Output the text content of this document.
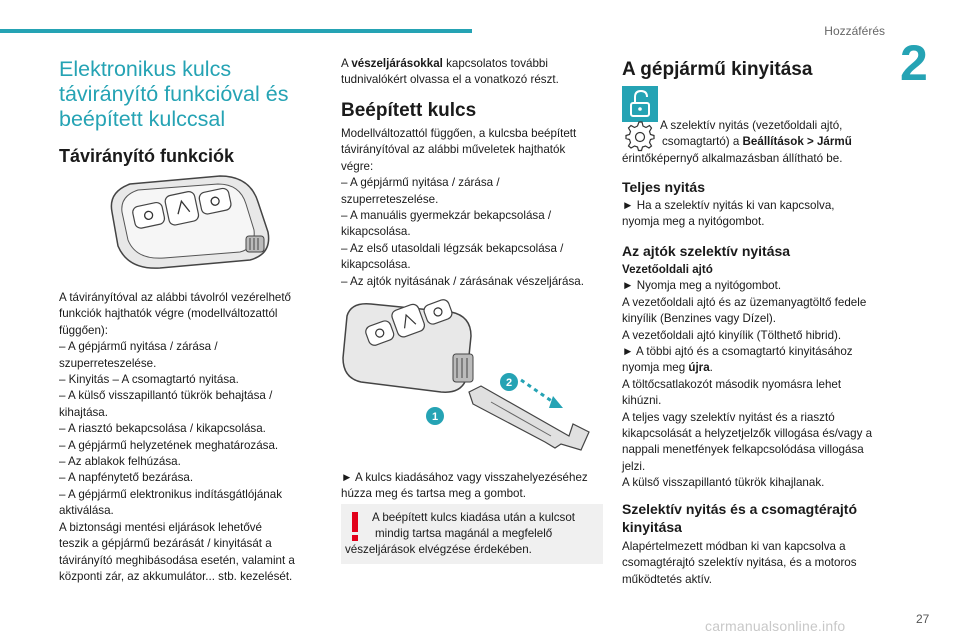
Hozzáférés
2
27
carmanualsonline.info
Elektronikus kulcs
távirányító funkcióval és
beépített kulccsal
Távirányító funkciók
A távirányítóval az alábbi távolról vezérelhető
funkciók hajthatók végre (modellváltozattól
függően):
– A gépjármű nyitása / zárása /
szuperreteszelése.
– Kinyitás – A csomagtartó nyitása.
– A külső visszapillantó tükrök behajtása /
kihajtása.
– A riasztó bekapcsolása / kikapcsolása.
– A gépjármű helyzetének meghatározása.
– Az ablakok felhúzása.
– A napfénytető bezárása.
– A gépjármű elektronikus indításgátlójának
aktiválása.
A biztonsági mentési eljárások lehetővé
teszik a gépjármű bezárását / kinyitását a
távirányító meghibásodása esetén, valamint a
központi zár, az akkumulátor... stb. kezelését.
A vészeljárásokkal kapcsolatos további
tudnivalókért olvassa el a vonatkozó részt.
Beépített kulcs
Modellváltozattól függően, a kulcsba beépített
távirányítóval az alábbi műveletek hajthatók
végre:
– A gépjármű nyitása / zárása /
szuperreteszelése.
– A manuális gyermekzár bekapcsolása /
kikapcsolása.
– Az első utasoldali légzsák bekapcsolása /
kikapcsolása.
– Az ajtók nyitásának / zárásának vészeljárása.
2
1
► A kulcs kiadásához vagy visszahelyezéséhez
húzza meg és tartsa meg a gombot.
A beépített kulcs kiadása után a kulcsot
mindig tartsa magánál a megfelelő
vészeljárások elvégzése érdekében.
A gépjármű kinyitása
A szelektív nyitás (vezetőoldali ajtó,
csomagtartó) a Beállítások > Jármű
érintőképernyő alkalmazásban állítható be.
Teljes nyitás
► Ha a szelektív nyitás ki van kapcsolva,
nyomja meg a nyitógombot.
Az ajtók szelektív nyitása
Vezetőoldali ajtó
► Nyomja meg a nyitógombot.
A vezetőoldali ajtó és az üzemanyagtöltő fedele
kinyílik (Benzines vagy Dízel).
A vezetőoldali ajtó kinyílik (Tölthető hibrid).
► A többi ajtó és a csomagtartó kinyitásához
nyomja meg újra.
A töltőcsatlakozót második nyomásra lehet
kihúzni.
A teljes vagy szelektív nyitást és a riasztó
kikapcsolását a helyzetjelzők villogása és/vagy a
nappali menetfények felkapcsolódása villogása
jelzi.
A külső visszapillantó tükrök kihajlanak.
Szelektív nyitás és a csomagtérajtó
kinyitása
Alapértelmezett módban ki van kapcsolva a
csomagtérajtó szelektív nyitása, és a motoros
működtetés aktív.
